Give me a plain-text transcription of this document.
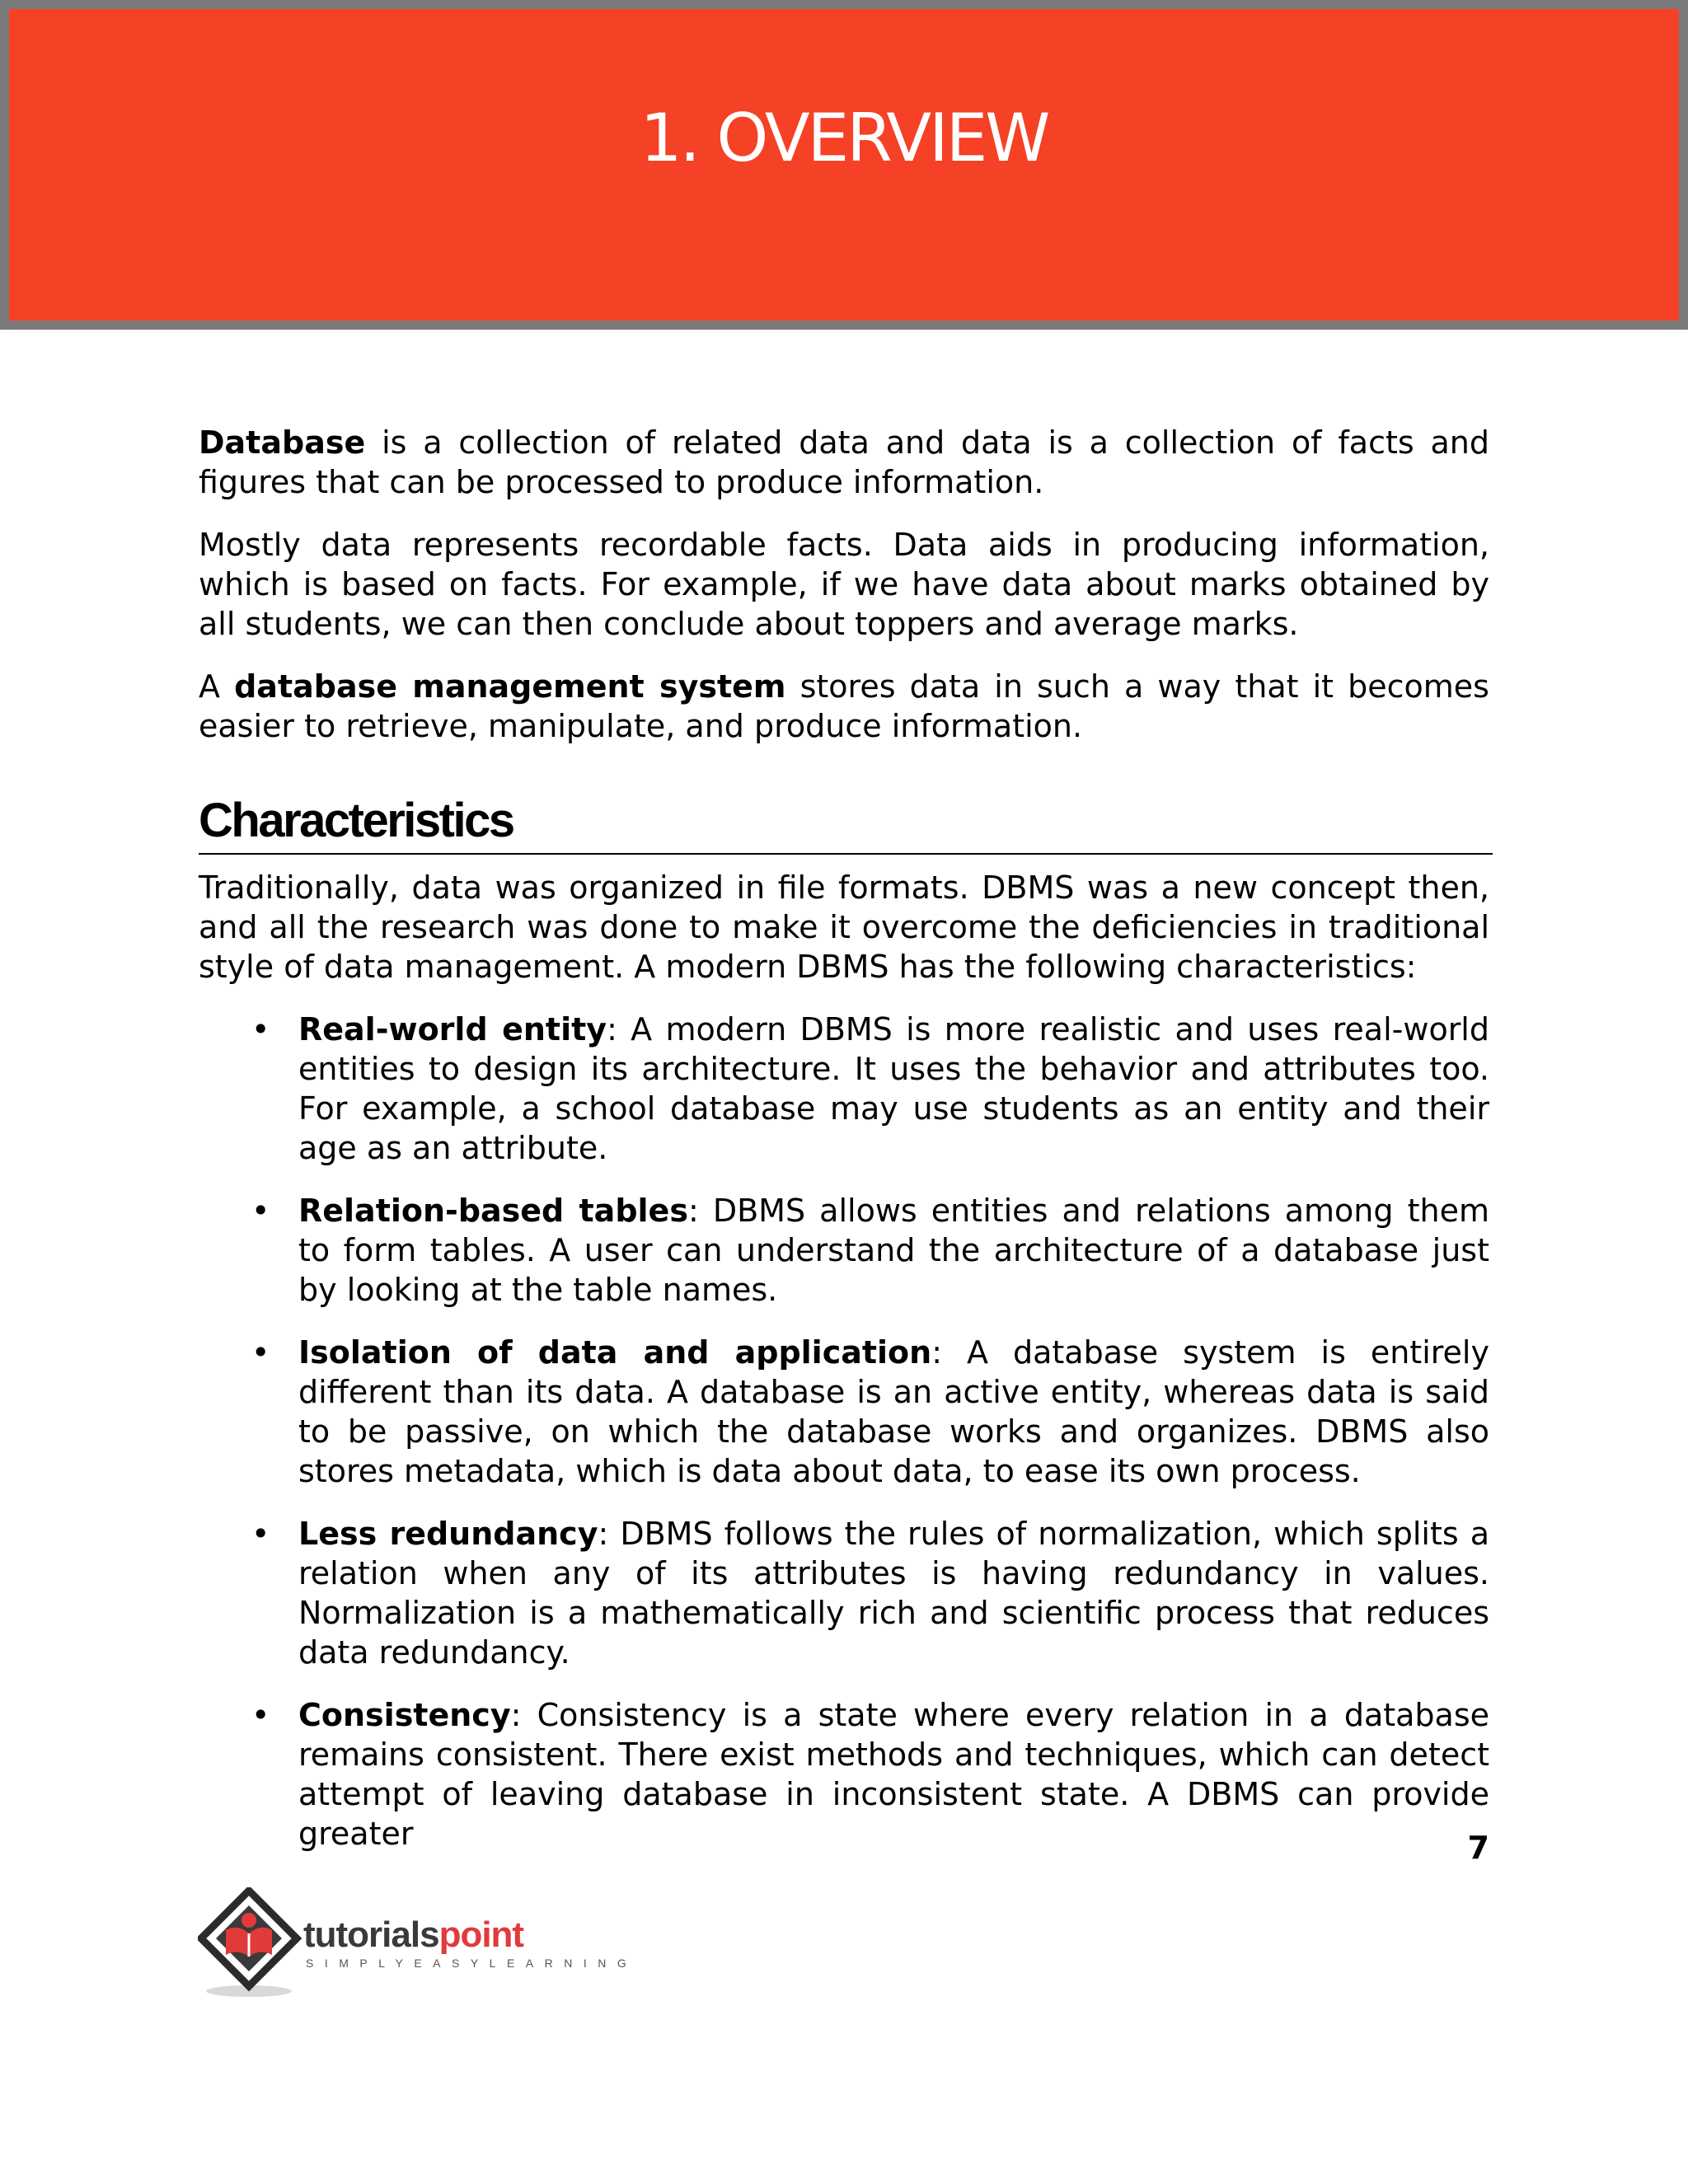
1. OVERVIEW

Database is a collection of related data and data is a collection of facts and figures that can be processed to produce information.

Mostly data represents recordable facts. Data aids in producing information, which is based on facts. For example, if we have data about marks obtained by all students, we can then conclude about toppers and average marks.

A database management system stores data in such a way that it becomes easier to retrieve, manipulate, and produce information.

Characteristics

Traditionally, data was organized in file formats. DBMS was a new concept then, and all the research was done to make it overcome the deficiencies in traditional style of data management. A modern DBMS has the following characteristics:

• Real-world entity: A modern DBMS is more realistic and uses real-world entities to design its architecture. It uses the behavior and attributes too. For example, a school database may use students as an entity and their age as an attribute.
• Relation-based tables: DBMS allows entities and relations among them to form tables. A user can understand the architecture of a database just by looking at the table names.
• Isolation of data and application: A database system is entirely different than its data. A database is an active entity, whereas data is said to be passive, on which the database works and organizes. DBMS also stores metadata, which is data about data, to ease its own process.
• Less redundancy: DBMS follows the rules of normalization, which splits a relation when any of its attributes is having redundancy in values. Normalization is a mathematically rich and scientific process that reduces data redundancy.
• Consistency: Consistency is a state where every relation in a database remains consistent. There exist methods and techniques, which can detect attempt of leaving database in inconsistent state. A DBMS can provide greater	7
tutorialspoint
SIMPLYEASYLEARNING
